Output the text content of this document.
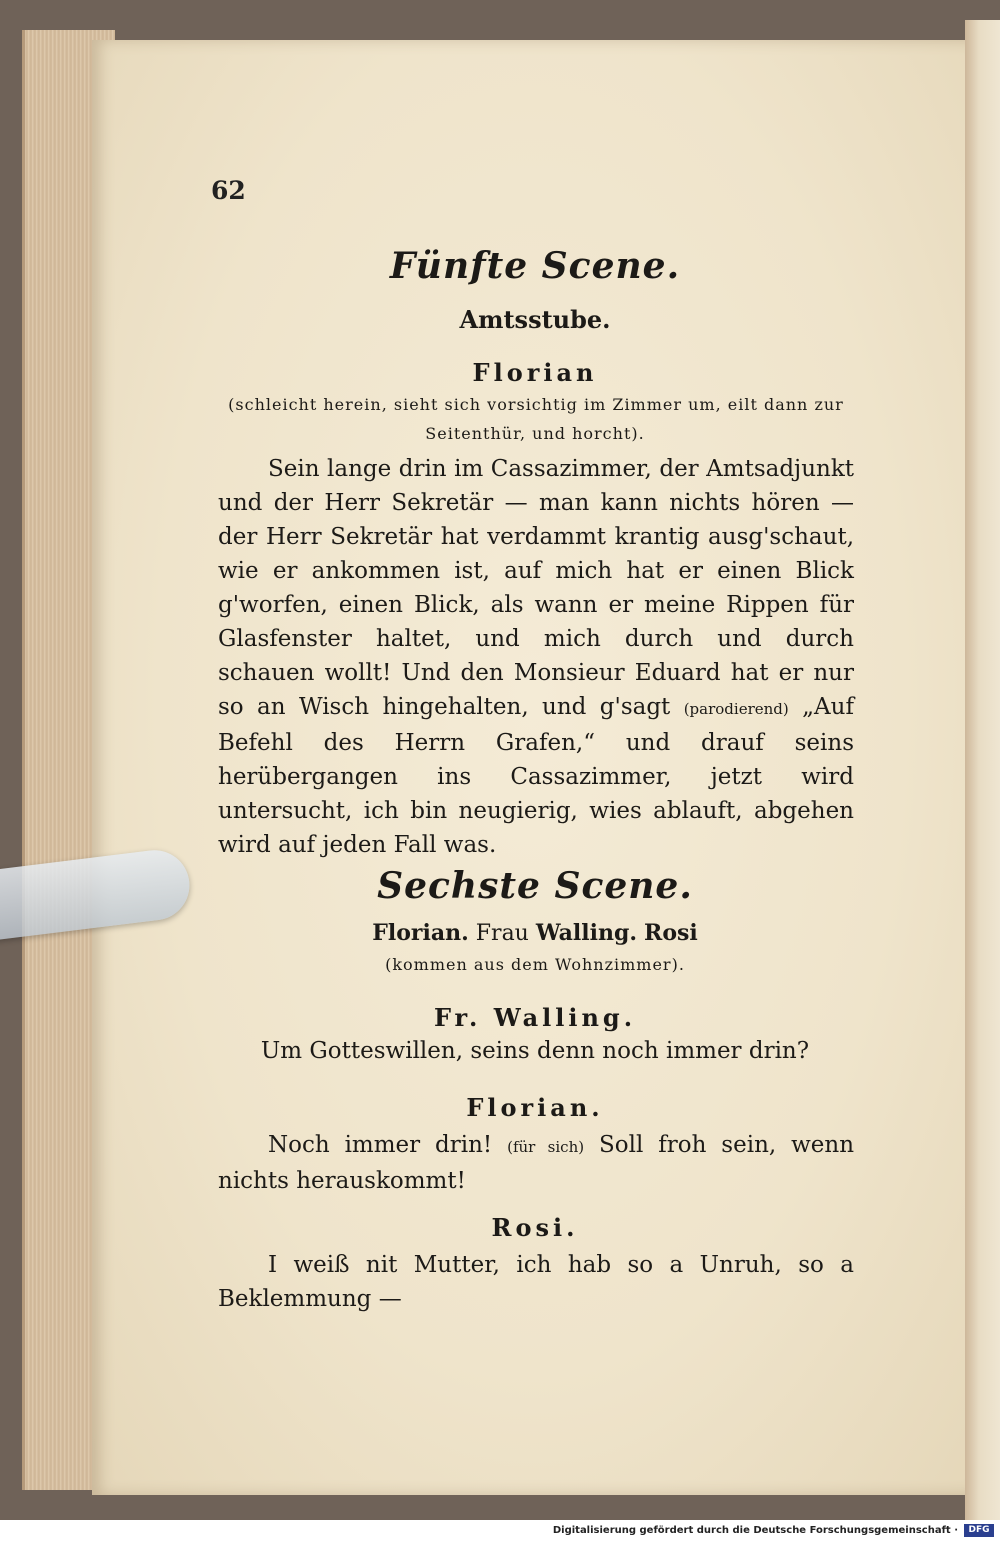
62
Fünfte Scene.
Amtsstube.
Florian
(schleicht herein, sieht sich vorsichtig im Zimmer um, eilt dann zur
Seitenthür, und horcht).

Sein lange drin im Cassazimmer, der Amtsadjunkt und der Herr Sekretär — man kann nichts hören — der Herr Sekretär hat verdammt krantig ausg'schaut, wie er ankommen ist, auf mich hat er einen Blick g'worfen, einen Blick, als wann er meine Rippen für Glasfenster haltet, und mich durch und durch schauen wollt! Und den Monsieur Eduard hat er nur so an Wisch hingehalten, und g'sagt (parodierend) „Auf Befehl des Herrn Grafen,“ und drauf seins herübergangen ins Cassazimmer, jetzt wird untersucht, ich bin neugierig, wies ablauft, abgehen wird auf jeden Fall was.

Sechste Scene.
Florian. Frau Walling. Rosi
(kommen aus dem Wohnzimmer).
Fr. Walling.
Um Gotteswillen, seins denn noch immer drin?
Florian.

Noch immer drin! (für sich) Soll froh sein, wenn nichts herauskommt!

Rosi.

I weiß nit Mutter, ich hab so a Unruh, so a Beklemmung —

Digitalisierung gefördert durch die Deutsche Forschungsgemeinschaft ·	DFG
